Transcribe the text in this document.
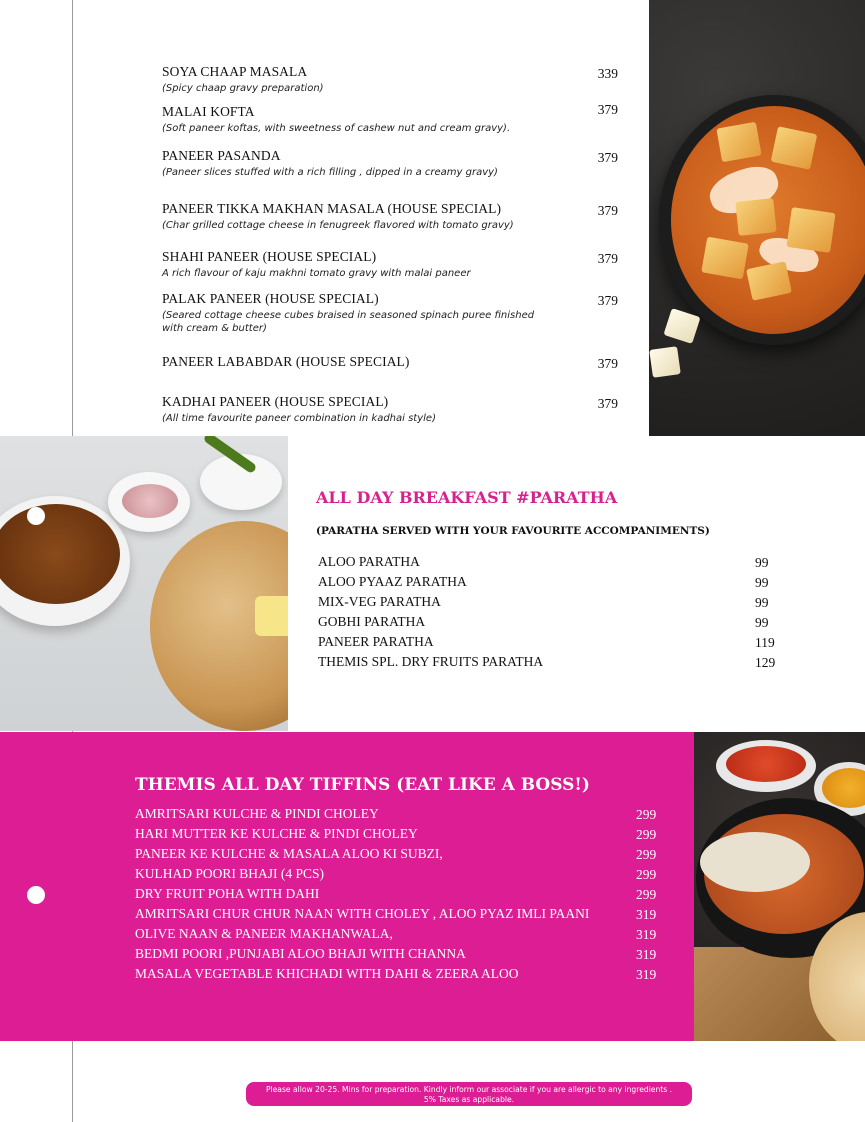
SOYA CHAAP MASALA
(Spicy chaap gravy preparation)
339
MALAI KOFTA
(Soft paneer koftas, with sweetness of cashew nut and cream gravy).
379
PANEER PASANDA
(Paneer slices stuffed with a rich filling , dipped in a creamy gravy)
379
PANEER TIKKA MAKHAN MASALA (HOUSE SPECIAL)
(Char grilled cottage cheese in fenugreek flavored with tomato gravy)
379
SHAHI PANEER (HOUSE SPECIAL)
A rich flavour of kaju makhni tomato gravy with malai paneer
379
PALAK PANEER (HOUSE SPECIAL)
(Seared cottage cheese cubes braised in seasoned spinach puree finished with cream & butter)
379
PANEER LABABDAR (HOUSE SPECIAL)	379
KADHAI PANEER (HOUSE SPECIAL)
(All time favourite paneer combination in kadhai style)
379
ALL DAY BREAKFAST #PARATHA
(PARATHA SERVED WITH YOUR FAVOURITE ACCOMPANIMENTS)
ALOO PARATHA	99
ALOO PYAAZ PARATHA	99
MIX-VEG PARATHA	99
GOBHI PARATHA	99
PANEER PARATHA	119
THEMIS SPL. DRY FRUITS PARATHA	129
THEMIS ALL DAY TIFFINS (EAT LIKE A BOSS!)
AMRITSARI KULCHE & PINDI CHOLEY	299
HARI MUTTER KE KULCHE & PINDI CHOLEY	299
PANEER KE KULCHE & MASALA ALOO KI SUBZI,	299
KULHAD POORI BHAJI (4 PCS)	299
DRY FRUIT POHA WITH DAHI	299
AMRITSARI CHUR CHUR NAAN WITH CHOLEY , ALOO PYAZ IMLI PAANI	319
OLIVE NAAN & PANEER MAKHANWALA,	319
BEDMI POORI ,PUNJABI ALOO BHAJI WITH CHANNA	319
MASALA VEGETABLE KHICHADI WITH DAHI & ZEERA ALOO	319
Please allow 20-25. Mins for preparation. Kindly inform our associate if you are allergic to any ingredients .
5% Taxes as applicable.
